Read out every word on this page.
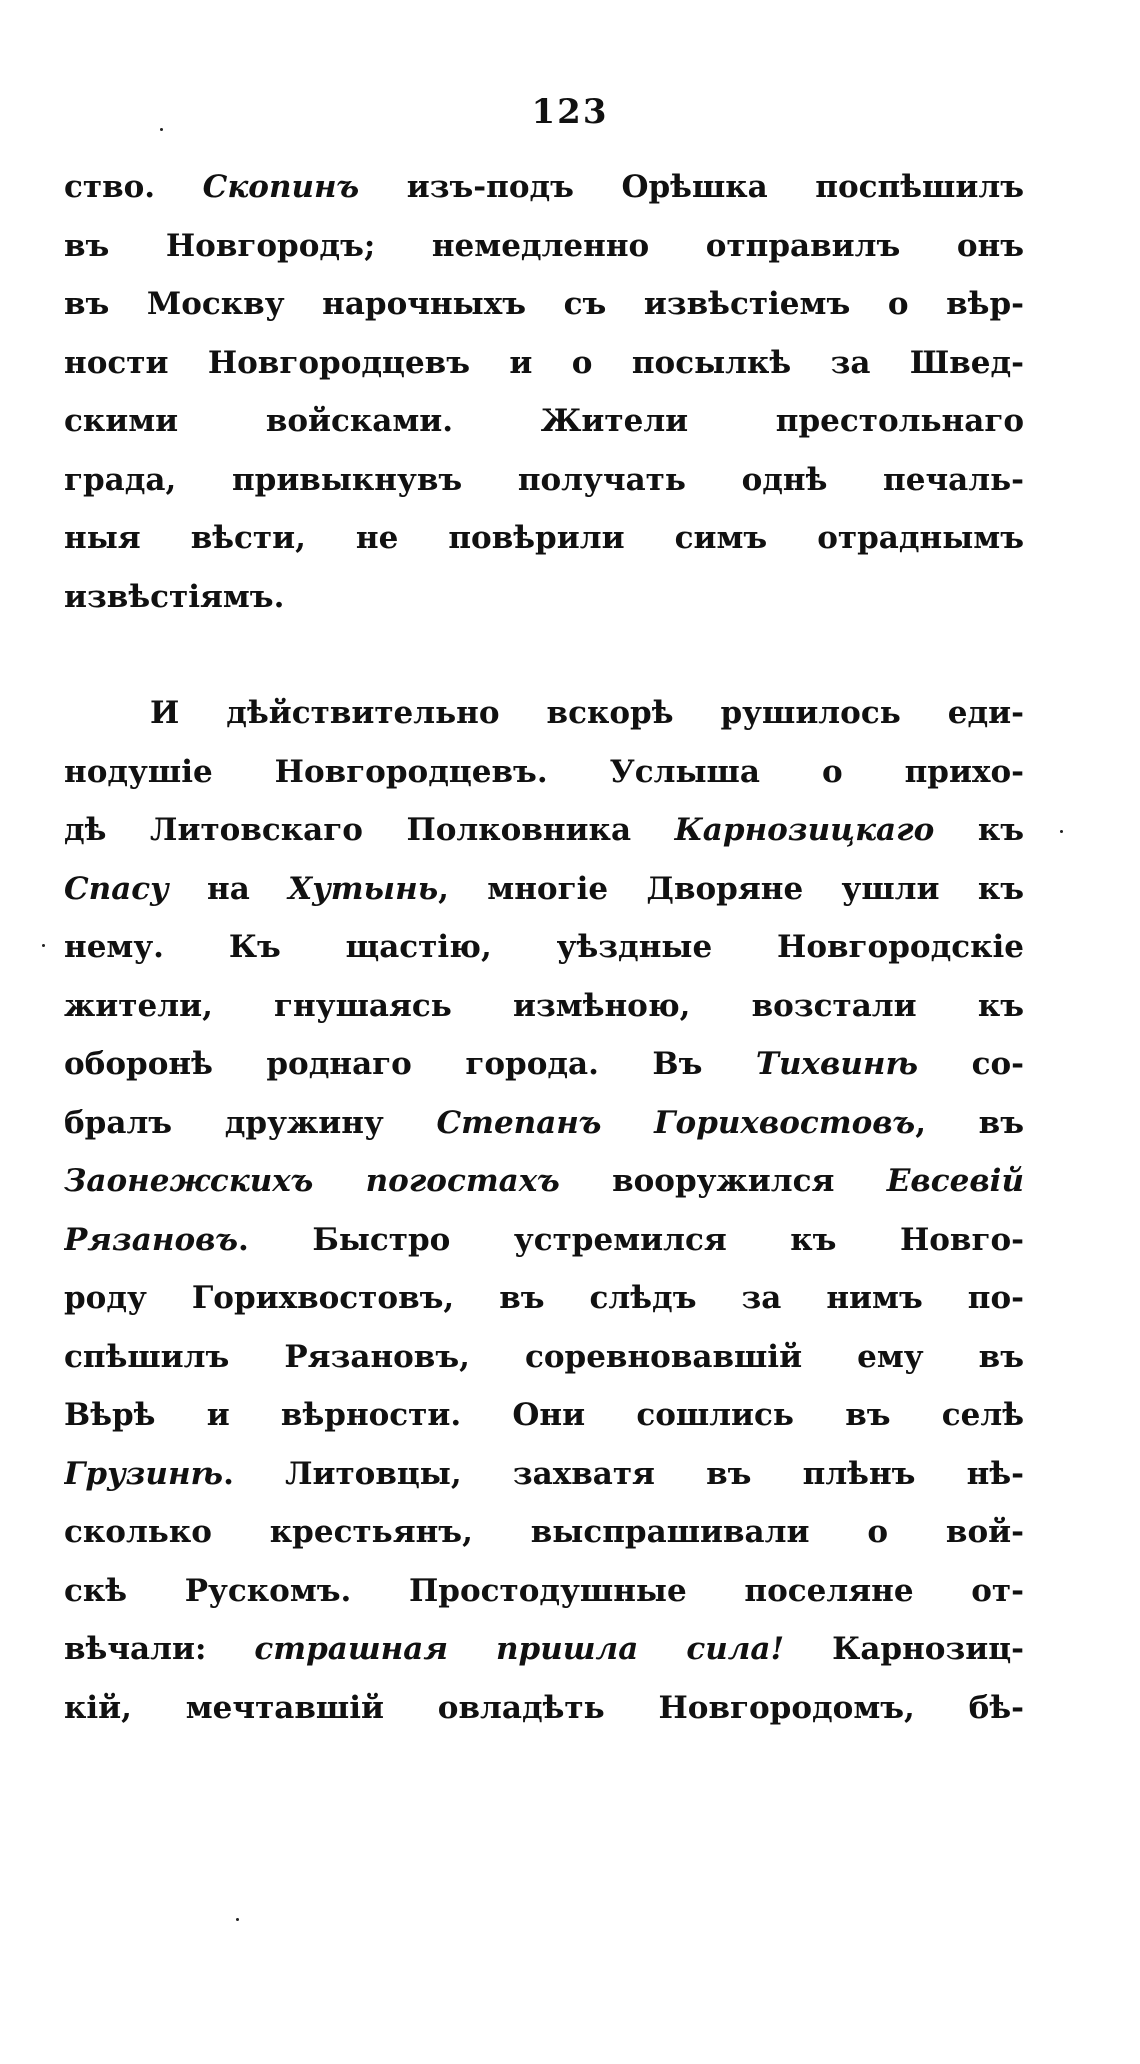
123
ство. Скопинъ изъ-подъ Орѣшка поспѣшилъ
въ Новгородъ; немедленно отправилъ онъ
въ Москву нарочныхъ съ извѣстіемъ о вѣр-
ности Новгородцевъ и о посылкѣ за Швед-
скими войсками. Жители престольнаго
града, привыкнувъ получать однѣ печаль-
ныя вѣсти, не повѣрили симъ отраднымъ
извѣстіямъ.
И дѣйствительно вскорѣ рушилось еди-
нодушіе Новгородцевъ. Услыша о прихо-
дѣ Литовскаго Полковника Карнозицкаго къ
Спасу на Хутынь, многіе Дворяне ушли къ
нему. Къ щастію, уѣздные Новгородскіе
жители, гнушаясь измѣною, возстали къ
оборонѣ роднаго города. Въ Тихвинѣ со-
бралъ дружину Степанъ Горихвостовъ, въ
Заонежскихъ погостахъ вооружился Евсевій
Рязановъ. Быстро устремился къ Новго-
роду Горихвостовъ, въ слѣдъ за нимъ по-
спѣшилъ Рязановъ, соревновавшій ему въ
Вѣрѣ и вѣрности. Они сошлись въ селѣ
Грузинѣ. Литовцы, захватя въ плѣнъ нѣ-
сколько крестьянъ, выспрашивали о вой-
скѣ Рускомъ. Простодушные поселяне от-
вѣчали: страшная пришла сила! Карнозиц-
кій, мечтавшій овладѣть Новгородомъ, бѣ-
